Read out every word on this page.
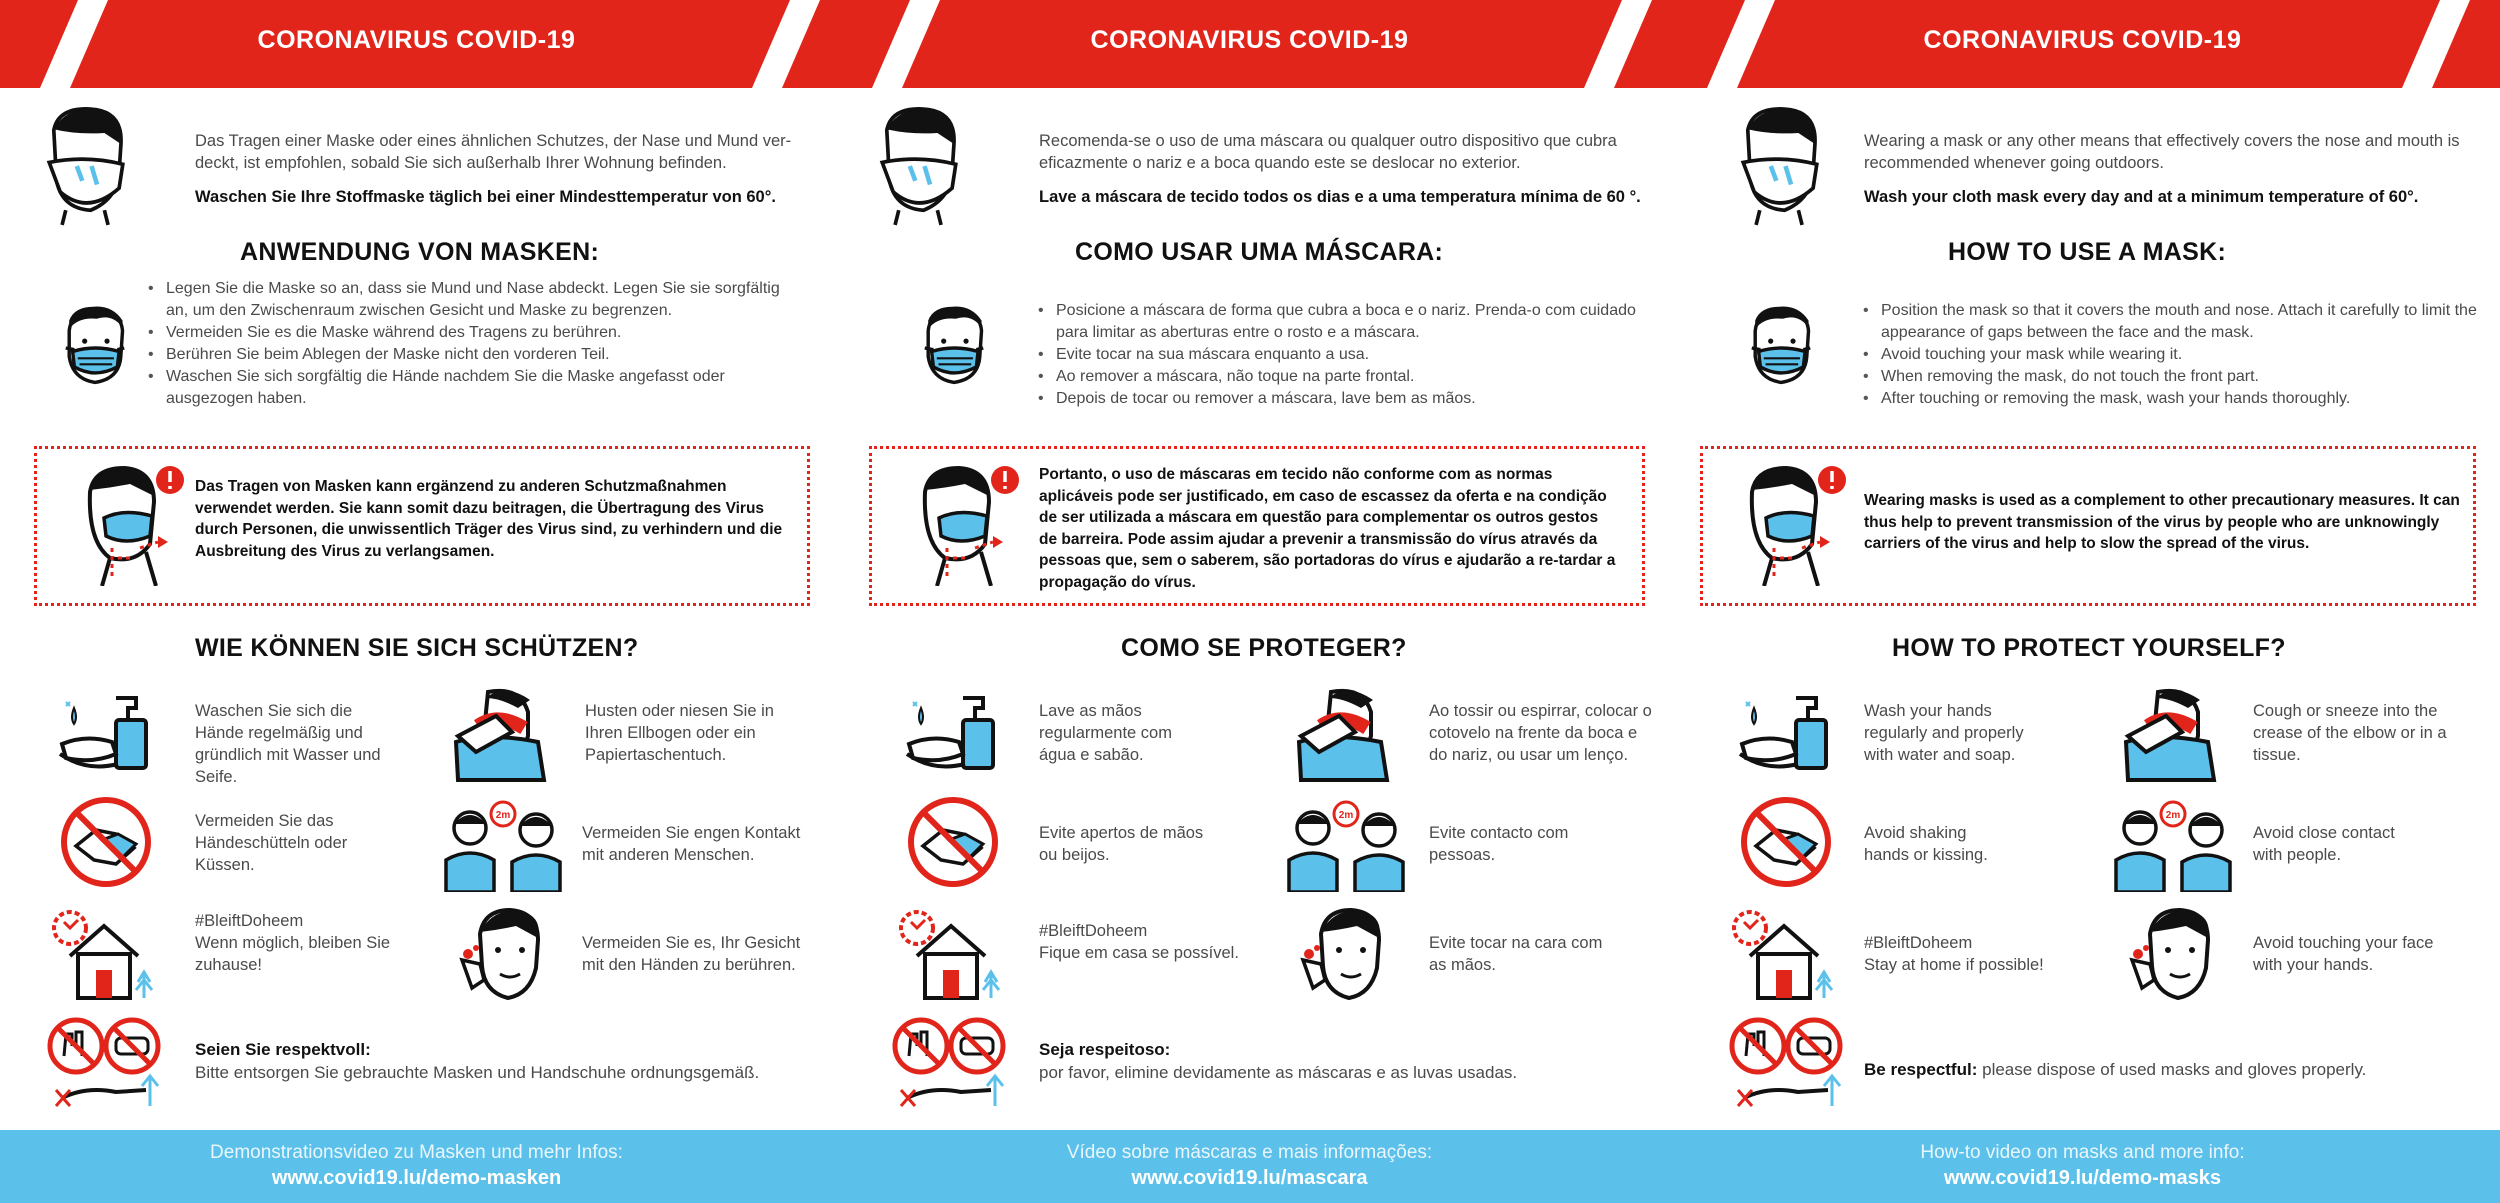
CORONAVIRUS COVID-19
Das Tragen einer Maske oder eines ähnlichen Schutzes, der Nase und Mund ver-deckt, ist empfohlen, sobald Sie sich außerhalb Ihrer Wohnung befinden.
Waschen Sie Ihre Stoffmaske täglich bei einer Mindesttemperatur von 60°.
ANWENDUNG VON MASKEN:
• Legen Sie die Maske so an, dass sie Mund und Nase abdeckt. Legen Sie sie sorgfältig an, um den Zwischenraum zwischen Gesicht und Maske zu begrenzen.
• Vermeiden Sie es die Maske während des Tragens zu berühren.
• Berühren Sie beim Ablegen der Maske nicht den vorderen Teil.
• Waschen Sie sich sorgfältig die Hände nachdem Sie die Maske angefasst oder ausgezogen haben.
Das Tragen von Masken kann ergänzend zu anderen Schutzmaßnahmen verwendet werden. Sie kann somit dazu beitragen, die Übertragung des Virus durch Personen, die unwissentlich Träger des Virus sind, zu verhindern und die Ausbreitung des Virus zu verlangsamen.
WIE KÖNNEN SIE SICH SCHÜTZEN?
Waschen Sie sich die Hände regelmäßig und gründlich mit Wasser und Seife.
Husten oder niesen Sie in Ihren Ellbogen oder ein Papiertaschentuch.
Vermeiden Sie das Händeschütteln oder Küssen.
2m
Vermeiden Sie engen Kontakt mit anderen Menschen.
#BleiftDoheem
Wenn möglich, bleiben Sie zuhause!
Vermeiden Sie es, Ihr Gesicht mit den Händen zu berühren.
Seien Sie respektvoll:
Bitte entsorgen Sie gebrauchte Masken und Handschuhe ordnungsgemäß.
CORONAVIRUS COVID-19
Recomenda-se o uso de uma máscara ou qualquer outro dispositivo que cubra eficazmente o nariz e a boca quando este se deslocar no exterior.
Lave a máscara de tecido todos os dias e a uma temperatura mínima de 60 °.
COMO USAR UMA MÁSCARA:
• Posicione a máscara de forma que cubra a boca e o nariz. Prenda-o com cuidado para limitar as aberturas entre o rosto e a máscara.
• Evite tocar na sua máscara enquanto a usa.
• Ao remover a máscara, não toque na parte frontal.
• Depois de tocar ou remover a máscara, lave bem as mãos.
Portanto, o uso de máscaras em tecido não conforme com as normas aplicáveis pode ser justificado, em caso de escassez da oferta e na condição de ser utilizada a máscara em questão para complementar os outros gestos de barreira. Pode assim ajudar a prevenir a transmissão do vírus através da pessoas que, sem o saberem, são portadoras do vírus e ajudarão a re-tardar a propagação do vírus.
COMO SE PROTEGER?
Lave as mãos regularmente com água e sabão.
Ao tossir ou espirrar, colocar o cotovelo na frente da boca e do nariz, ou usar um lenço.
Evite apertos de mãos ou beijos.
2m
Evite contacto com pessoas.
#BleiftDoheem
Fique em casa se possível.
Evite tocar na cara com as mãos.
Seja respeitoso:
por favor, elimine devidamente as máscaras e as luvas usadas.
CORONAVIRUS COVID-19
Wearing a mask or any other means that effectively covers the nose and mouth is recommended whenever going outdoors.
Wash your cloth mask every day and at a minimum temperature of 60°.
HOW TO USE A MASK:
• Position the mask so that it covers the mouth and nose. Attach it carefully to limit the appearance of gaps between the face and the mask.
• Avoid touching your mask while wearing it.
• When removing the mask, do not touch the front part.
• After touching or removing the mask, wash your hands thoroughly.
Wearing masks is used as a complement to other precautionary measures. It can thus help to prevent transmission of the virus by people who are unknowingly carriers of the virus and help to slow the spread of the virus.
HOW TO PROTECT YOURSELF?
Wash your hands regularly and properly with water and soap.
Cough or sneeze into the crease of the elbow or in a tissue.
Avoid shaking hands or kissing.
2m
Avoid close contact with people.
#BleiftDoheem
Stay at home if possible!
Avoid touching your face with your hands.
Be respectful: please dispose of used masks and gloves properly.
Demonstrationsvideo zu Masken und mehr Infos:
www.covid19.lu/demo-masken
Vídeo sobre máscaras e mais informações:
www.covid19.lu/mascara
How-to video on masks and more info:
www.covid19.lu/demo-masks
